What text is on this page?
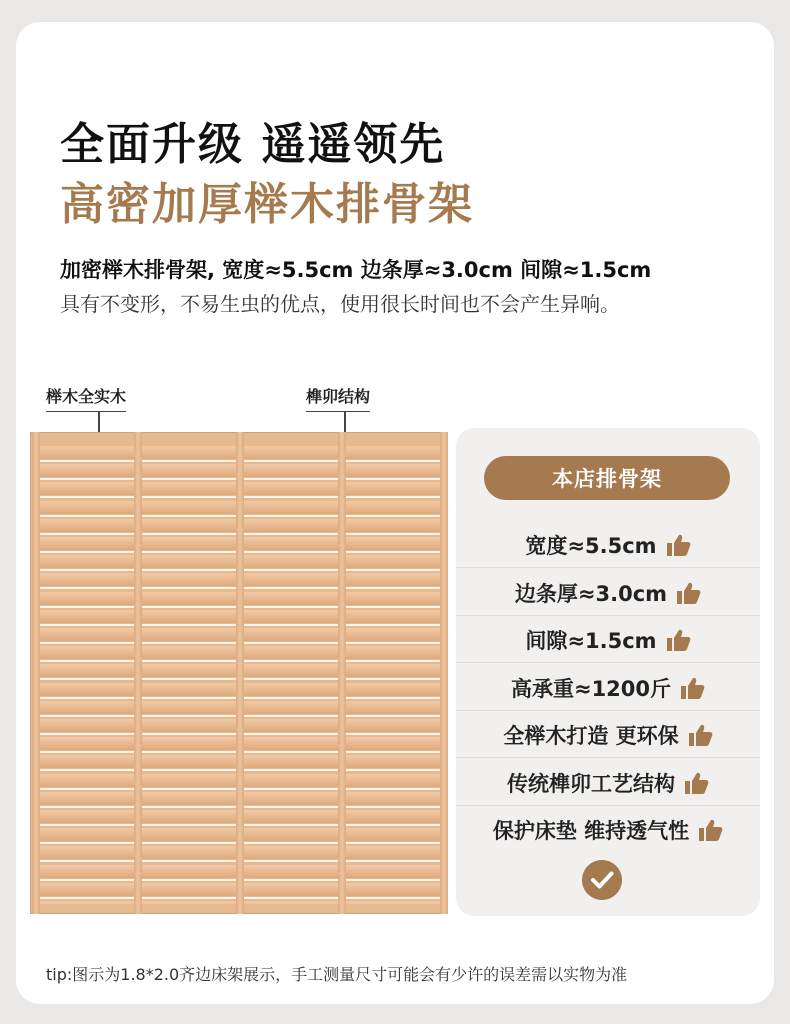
全面升级 遥遥领先
高密加厚榉木排骨架
加密榉木排骨架, 宽度≈5.5cm 边条厚≈3.0cm 间隙≈1.5cm
具有不变形，不易生虫的优点，使用很长时间也不会产生异响。
榉木全实木	榫卯结构
本店排骨架
宽度≈5.5cm
边条厚≈3.0cm
间隙≈1.5cm
高承重≈1200斤
全榉木打造 更环保
传统榫卯工艺结构
保护床垫 维持透气性
tip:图示为1.8*2.0齐边床架展示，手工测量尺寸可能会有少许的误差需以实物为准
